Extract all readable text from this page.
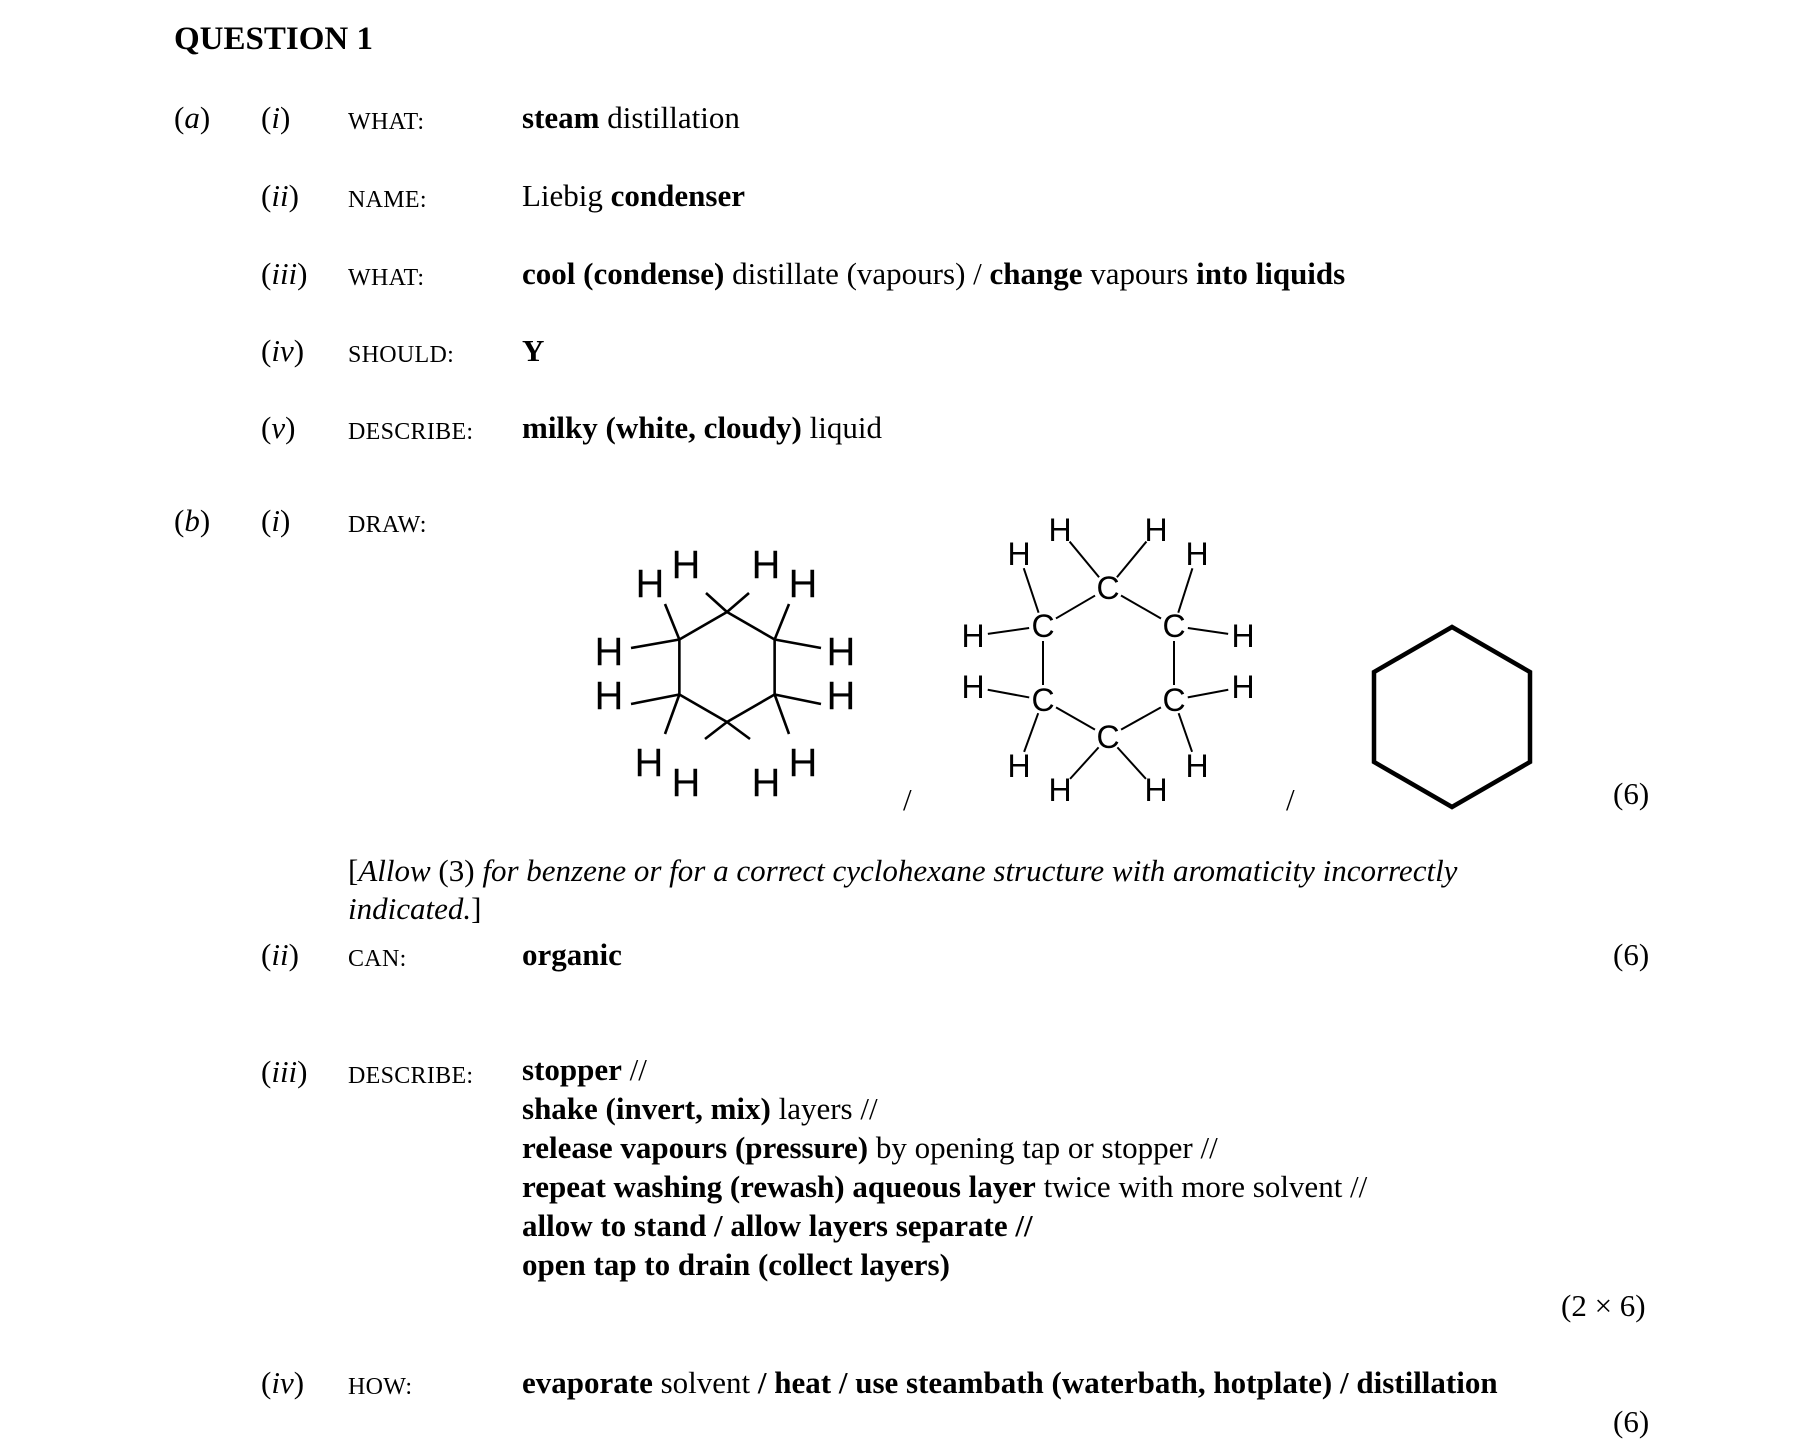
QUESTION 1
(a) (i) WHAT:	steam distillation
(ii) NAME:	Liebig condenser
(iii) WHAT:	cool (condense) distillate (vapours) / change vapours into liquids
(iv) SHOULD: Y
(v) DESCRIBE: milky (white, cloudy) liquid
(b) (i) DRAW:
H H
H	H
H	H
H	H
H	H
H H
C
C
C
C
C
C
H H
H
H
H
H
H
H
H
H
H
H
/	/	(6)
[Allow (3) for benzene or for a correct cyclohexane structure with aromaticity incorrectly
indicated.]
(ii) CAN:	organic	(6)
(iii) DESCRIBE: stopper //
shake (invert, mix) layers //
release vapours (pressure) by opening tap or stopper //
repeat washing (rewash) aqueous layer twice with more solvent //
allow to stand / allow layers separate //
open tap to drain (collect layers)
(2 × 6)
(iv) HOW:	evaporate solvent / heat / use steambath (waterbath, hotplate) / distillation
(6)
